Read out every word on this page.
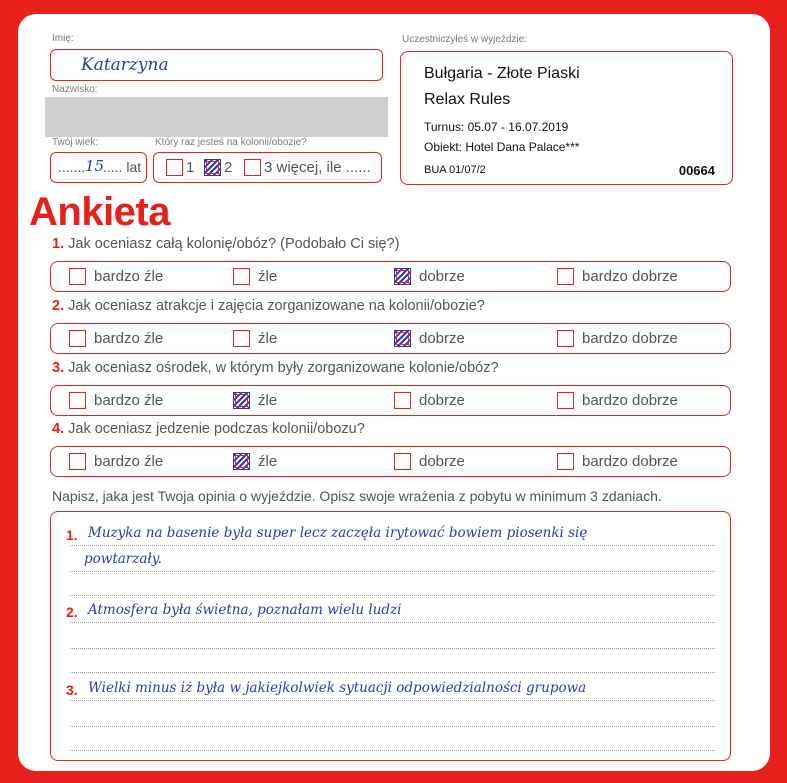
Imię:
Katarzyna
Nazwisko:
Twój wiek:
....... 15
..... lat
Który raz jesteś na kolonii/obozie?
1 2 3 więcej, ile ......
Uczestniczyłeś w wyjeździe:
Bułgaria - Złote Piaski
Relax Rules
Turnus: 05.07 - 16.07.2019
Obiekt: Hotel Dana Palace***
BUA 01/07/2	00664
Ankieta
1. Jak oceniasz całą kolonię/obóz? (Podobało Ci się?)
bardzo źle	źle	dobrze	bardzo dobrze
2. Jak oceniasz atrakcje i zajęcia zorganizowane na kolonii/obozie?
bardzo źle	źle	dobrze	bardzo dobrze
3. Jak oceniasz ośrodek, w którym były zorganizowane kolonie/obóz?
bardzo źle	źle	dobrze	bardzo dobrze
4. Jak oceniasz jedzenie podczas kolonii/obozu?
bardzo źle	źle	dobrze	bardzo dobrze
Napisz, jaka jest Twoja opinia o wyjeździe. Opisz swoje wrażenia z pobytu w minimum 3 zdaniach.
1. Muzyka na basenie była super lecz zaczęła irytować bowiem piosenki się
powtarzały.
2. Atmosfera była świetna, poznałam wielu ludzi
3. Wielki minus iż była w jakiejkolwiek sytuacji odpowiedzialności grupowa
